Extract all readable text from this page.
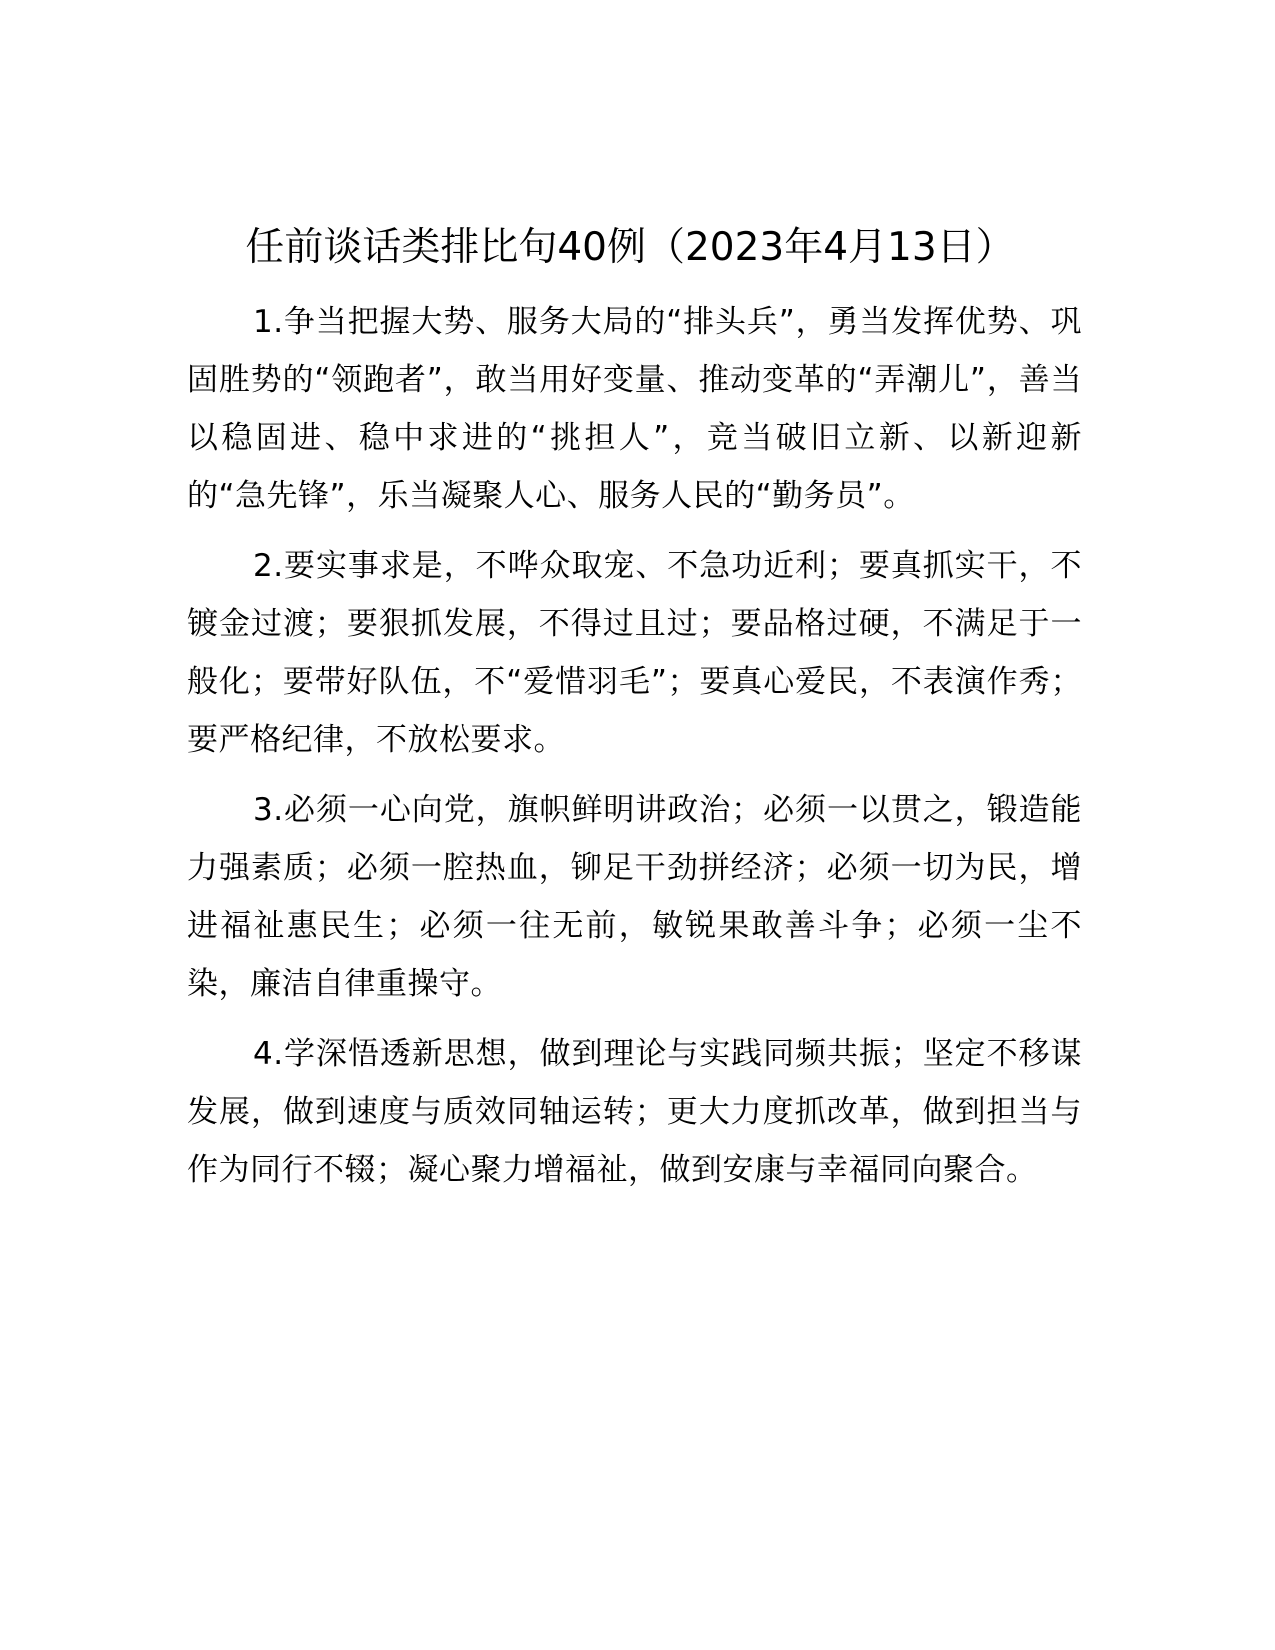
任前谈话类排比句40例（2023年4月13日）

1.争当把握大势、服务大局的“排头兵”，勇当发挥优势、巩固胜势的“领跑者”，敢当用好变量、推动变革的“弄潮儿”，善当以稳固进、稳中求进的“挑担人”，竞当破旧立新、以新迎新的“急先锋”，乐当凝聚人心、服务人民的“勤务员”。

2.要实事求是，不哗众取宠、不急功近利；要真抓实干，不镀金过渡；要狠抓发展，不得过且过；要品格过硬，不满足于一般化；要带好队伍，不“爱惜羽毛”；要真心爱民，不表演作秀；要严格纪律，不放松要求。

3.必须一心向党，旗帜鲜明讲政治；必须一以贯之，锻造能力强素质；必须一腔热血，铆足干劲拼经济；必须一切为民，增进福祉惠民生；必须一往无前，敏锐果敢善斗争；必须一尘不染，廉洁自律重操守。

4.学深悟透新思想，做到理论与实践同频共振；坚定不移谋发展，做到速度与质效同轴运转；更大力度抓改革，做到担当与作为同行不辍；凝心聚力增福祉，做到安康与幸福同向聚合。
